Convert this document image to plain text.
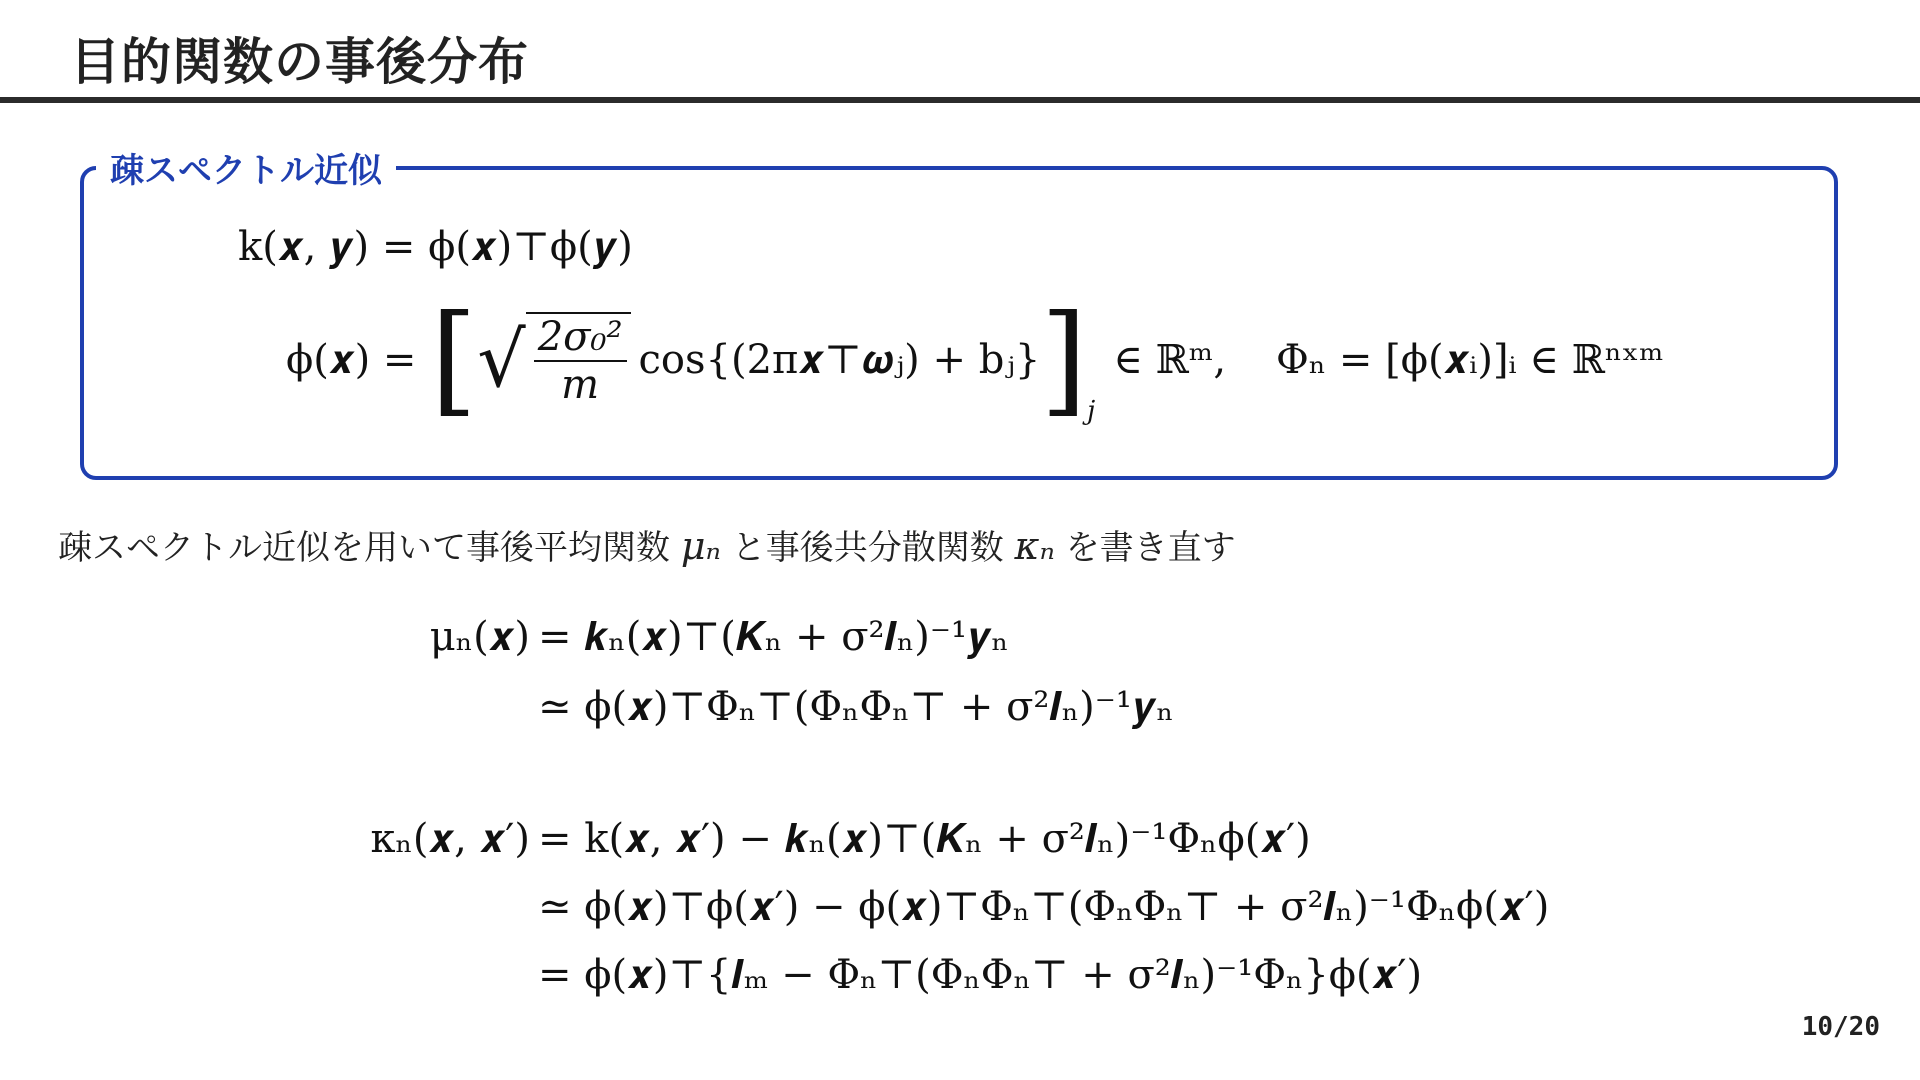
目的関数の事後分布
疎スペクトル近似
k(𝒙, 𝒚) = ϕ(𝒙)⊤ϕ(𝒚)
ϕ(𝒙) = [ √ $\frac{\text{2σ₀²}}{m}$ cos{(2π𝒙⊤𝝎ⱼ) + bⱼ} ] j
∈ ℝᵐ, Φₙ = [ϕ(𝒙ᵢ)]ᵢ ∈ ℝⁿˣᵐ
疎スペクトル近似を用いて事後平均関数 μₙ と事後共分散関数 κₙ を書き直す
μₙ(𝒙) = 𝒌ₙ(𝒙)⊤(𝑲ₙ + σ²𝑰ₙ)⁻¹𝒚ₙ
≃ ϕ(𝒙)⊤Φₙ⊤(ΦₙΦₙ⊤ + σ²𝑰ₙ)⁻¹𝒚ₙ
κₙ(𝒙, 𝒙′) = k(𝒙, 𝒙′) − 𝒌ₙ(𝒙)⊤(𝑲ₙ + σ²𝑰ₙ)⁻¹Φₙϕ(𝒙′)
≃ ϕ(𝒙)⊤ϕ(𝒙′) − ϕ(𝒙)⊤Φₙ⊤(ΦₙΦₙ⊤ + σ²𝑰ₙ)⁻¹Φₙϕ(𝒙′)
= ϕ(𝒙)⊤{𝑰ₘ − Φₙ⊤(ΦₙΦₙ⊤ + σ²𝑰ₙ)⁻¹Φₙ}ϕ(𝒙′)
10/20
